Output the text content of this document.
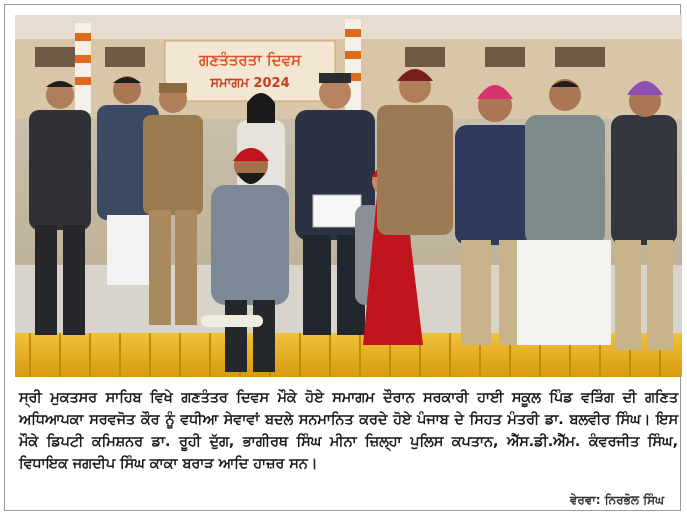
ਗਣਤੰਤਰਤਾ ਦਿਵਸ
ਸਮਾਗਮ 2024
ਸ੍ਰੀ ਮੁਕਤਸਰ ਸਾਹਿਬ ਵਿਖੇ ਗਣਤੰਤਰ ਦਿਵਸ ਮੌਕੇ ਹੋਏ ਸਮਾਗਮ ਦੌਰਾਨ ਸਰਕਾਰੀ ਹਾਈ ਸਕੂਲ ਪਿੰਡ ਵੜਿੰਗ ਦੀ ਗਣਿਤ ਅਧਿਆਪਕਾ ਸਰਵਜੋਤ ਕੌਰ ਨੂੰ ਵਧੀਆ ਸੇਵਾਵਾਂ ਬਦਲੇ ਸਨਮਾਨਿਤ ਕਰਦੇ ਹੋਏ ਪੰਜਾਬ ਦੇ ਸਿਹਤ ਮੰਤਰੀ ਡਾ. ਬਲਵੀਰ ਸਿੰਘ। ਇਸ ਮੌਕੇ ਡਿਪਟੀ ਕਮਿਸ਼ਨਰ ਡਾ. ਰੂਹੀ ਦੁੱਗ, ਭਾਗੀਰਥ ਸਿੰਘ ਮੀਨਾ ਜ਼ਿਲ੍ਹਾ ਪੁਲਿਸ ਕਪਤਾਨ, ਐੱਸ.ਡੀ.ਐੱਮ. ਕੰਵਰਜੀਤ ਸਿੰਘ, ਵਿਧਾਇਕ ਜਗਦੀਪ ਸਿੰਘ ਕਾਕਾ ਬਰਾੜ ਆਦਿ ਹਾਜ਼ਰ ਸਨ।
ਵੇਰਵਾ: ਨਿਰਭੋਲ ਸਿੰਘ
